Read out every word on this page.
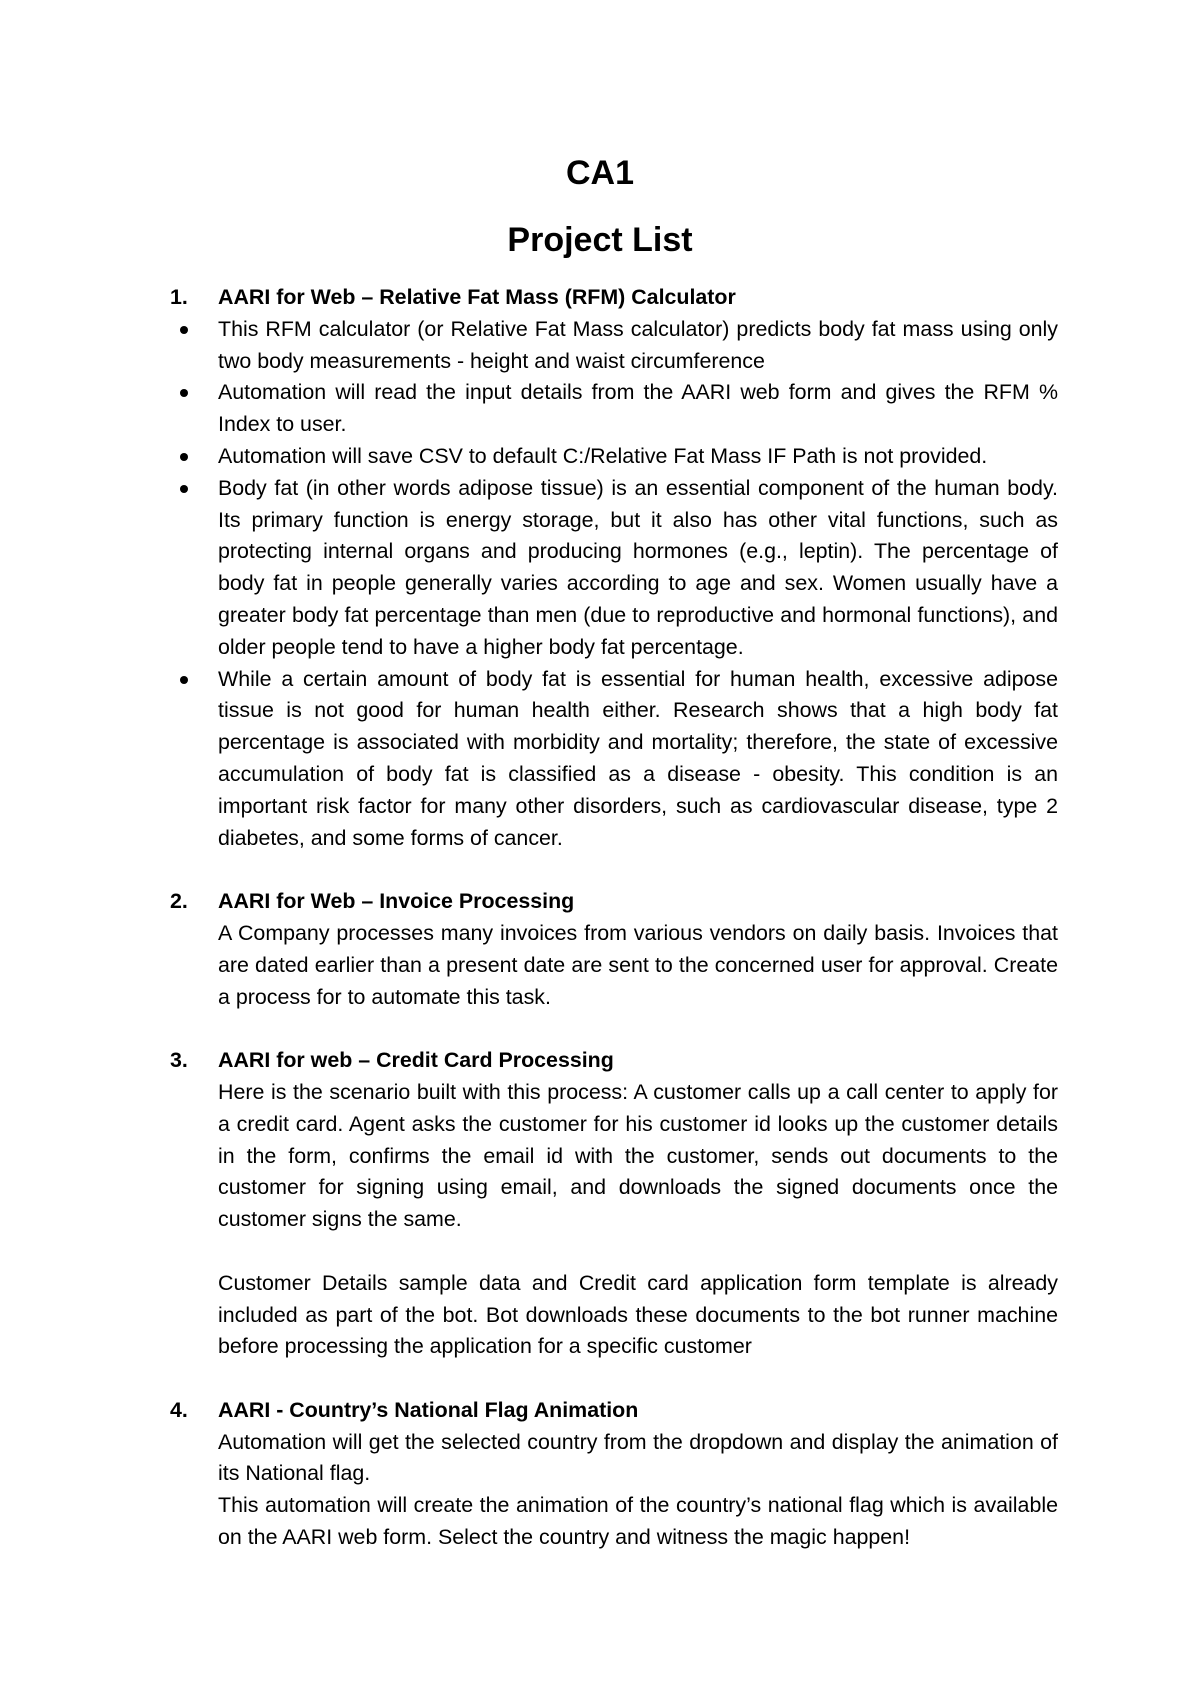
CA1
Project List
1. AARI for Web – Relative Fat Mass (RFM) Calculator
This RFM calculator (or Relative Fat Mass calculator) predicts body fat mass using only two body measurements - height and waist circumference
Automation will read the input details from the AARI web form and gives the RFM % Index to user.
Automation will save CSV to default C:/Relative Fat Mass IF Path is not provided.
Body fat (in other words adipose tissue) is an essential component of the human body. Its primary function is energy storage, but it also has other vital functions, such as protecting internal organs and producing hormones (e.g., leptin). The percentage of body fat in people generally varies according to age and sex. Women usually have a greater body fat percentage than men (due to reproductive and hormonal functions), and older people tend to have a higher body fat percentage.
While a certain amount of body fat is essential for human health, excessive adipose tissue is not good for human health either. Research shows that a high body fat percentage is associated with morbidity and mortality; therefore, the state of excessive accumulation of body fat is classified as a disease - obesity. This condition is an important risk factor for many other disorders, such as cardiovascular disease, type 2 diabetes, and some forms of cancer.
2. AARI for Web – Invoice Processing
A Company processes many invoices from various vendors on daily basis. Invoices that are dated earlier than a present date are sent to the concerned user for approval. Create a process for to automate this task.
3. AARI for web – Credit Card Processing
Here is the scenario built with this process: A customer calls up a call center to apply for a credit card. Agent asks the customer for his customer id looks up the customer details in the form, confirms the email id with the customer, sends out documents to the customer for signing using email, and downloads the signed documents once the customer signs the same.
Customer Details sample data and Credit card application form template is already included as part of the bot. Bot downloads these documents to the bot runner machine before processing the application for a specific customer
4. AARI - Country’s National Flag Animation
Automation will get the selected country from the dropdown and display the animation of its National flag.
This automation will create the animation of the country’s national flag which is available on the AARI web form. Select the country and witness the magic happen!
